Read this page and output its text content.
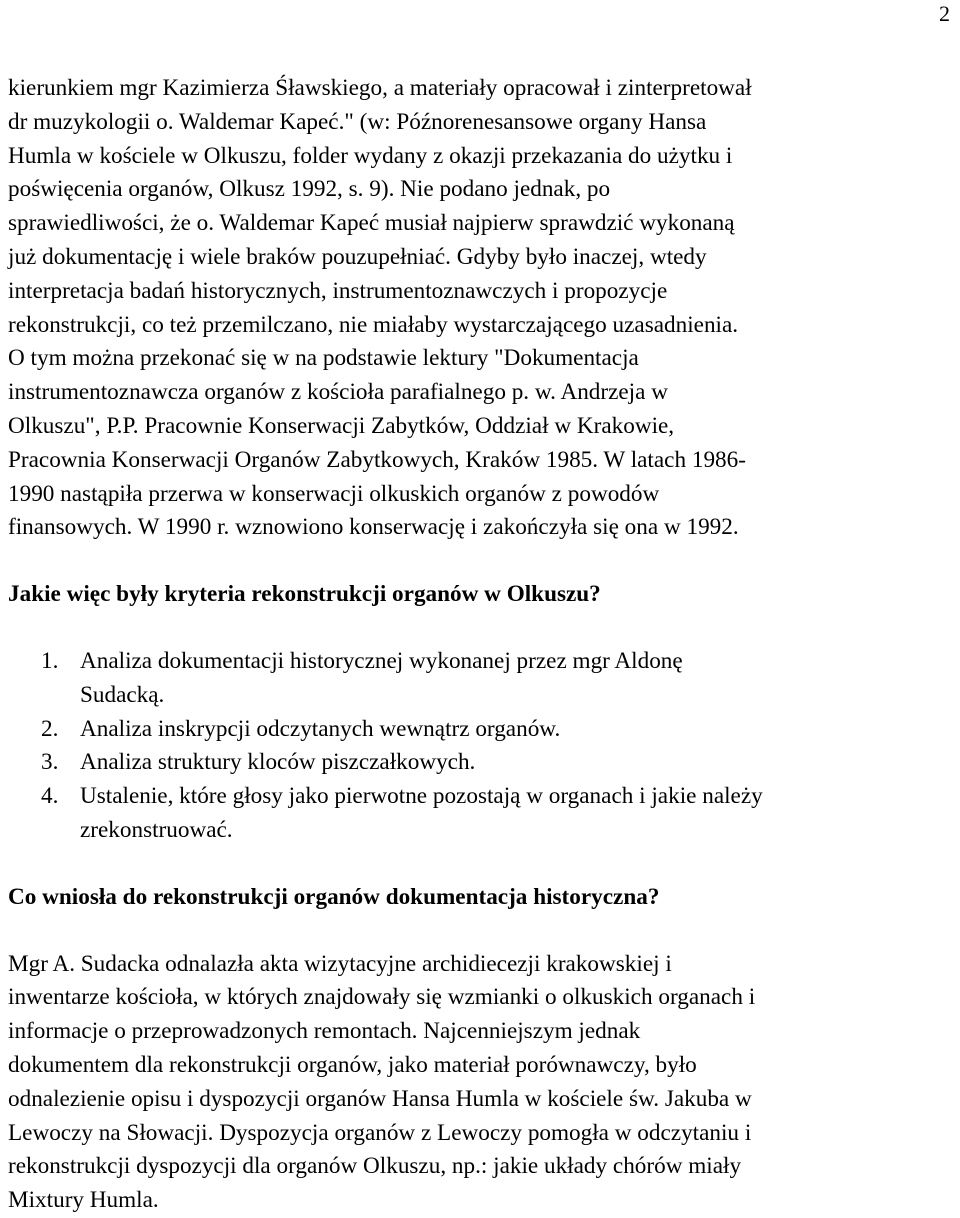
2

kierunkiem mgr Kazimierza Śławskiego, a materiały opracował i zinterpretował
dr muzykologii o. Waldemar Kapeć." (w: Późnorenesansowe organy Hansa
Humla w kościele w Olkuszu, folder wydany z okazji przekazania do użytku i
poświęcenia organów, Olkusz 1992, s. 9). Nie podano jednak, po
sprawiedliwości, że o. Waldemar Kapeć musiał najpierw sprawdzić wykonaną
już dokumentację i wiele braków pouzupełniać. Gdyby było inaczej, wtedy
interpretacja badań historycznych, instrumentoznawczych i propozycje
rekonstrukcji, co też przemilczano, nie miałaby wystarczającego uzasadnienia.
O tym można przekonać się w na podstawie lektury "Dokumentacja
instrumentoznawcza organów z kościoła parafialnego p. w. Andrzeja w
Olkuszu", P.P. Pracownie Konserwacji Zabytków, Oddział w Krakowie,
Pracownia Konserwacji Organów Zabytkowych, Kraków 1985. W latach 1986-
1990 nastąpiła przerwa w konserwacji olkuskich organów z powodów
finansowych. W 1990 r. wznowiono konserwację i zakończyła się ona w 1992.

Jakie więc były kryteria rekonstrukcji organów w Olkuszu?

1. Analiza dokumentacji historycznej wykonanej przez mgr Aldonę
Sudacką.
2. Analiza inskrypcji odczytanych wewnątrz organów.
3. Analiza struktury kloców piszczałkowych.
4. Ustalenie, które głosy jako pierwotne pozostają w organach i jakie należy
zrekonstruować.

Co wniosła do rekonstrukcji organów dokumentacja historyczna?

Mgr A. Sudacka odnalazła akta wizytacyjne archidiecezji krakowskiej i
inwentarze kościoła, w których znajdowały się wzmianki o olkuskich organach i
informacje o przeprowadzonych remontach. Najcenniejszym jednak
dokumentem dla rekonstrukcji organów, jako materiał porównawczy, było
odnalezienie opisu i dyspozycji organów Hansa Humla w kościele św. Jakuba w
Lewoczy na Słowacji. Dyspozycja organów z Lewoczy pomogła w odczytaniu i
rekonstrukcji dyspozycji dla organów Olkuszu, np.: jakie układy chórów miały
Mixtury Humla.
